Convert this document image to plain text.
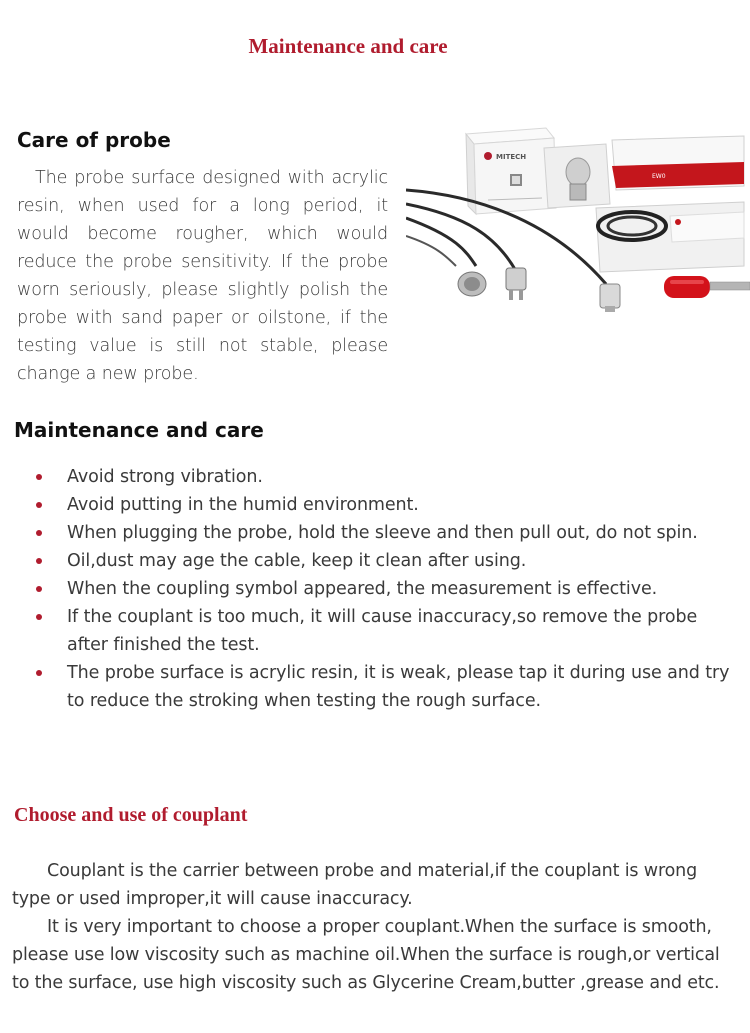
Maintenance and care
Care of probe

The probe surface designed with acrylic resin, when used for a long period, it would become rougher, which would reduce the probe sensitivity. If the probe worn seriously, please slightly polish the probe with sand paper or oilstone, if the testing value is still not stable, please change a new probe.

MITECH
EW0
Maintenance and care
Avoid strong vibration.
Avoid putting in the humid environment.
When plugging the probe, hold the sleeve and then pull out, do not spin.
Oil,dust may age the cable, keep it clean after using.
When the coupling symbol appeared, the measurement is effective.
If the couplant is too much, it will cause inaccuracy,so remove the probe after finished the test.
The probe surface is acrylic resin, it is weak, please tap it during use and try to reduce the stroking when testing the rough surface.
Choose and use of couplant

Couplant is the carrier between probe and material,if the couplant is wrong type or used improper,it will cause inaccuracy.

It is very important to choose a proper couplant.When the surface is smooth, please use low viscosity such as machine oil.When the surface is rough,or vertical to the surface, use high viscosity such as Glycerine Cream,butter ,grease and etc.
